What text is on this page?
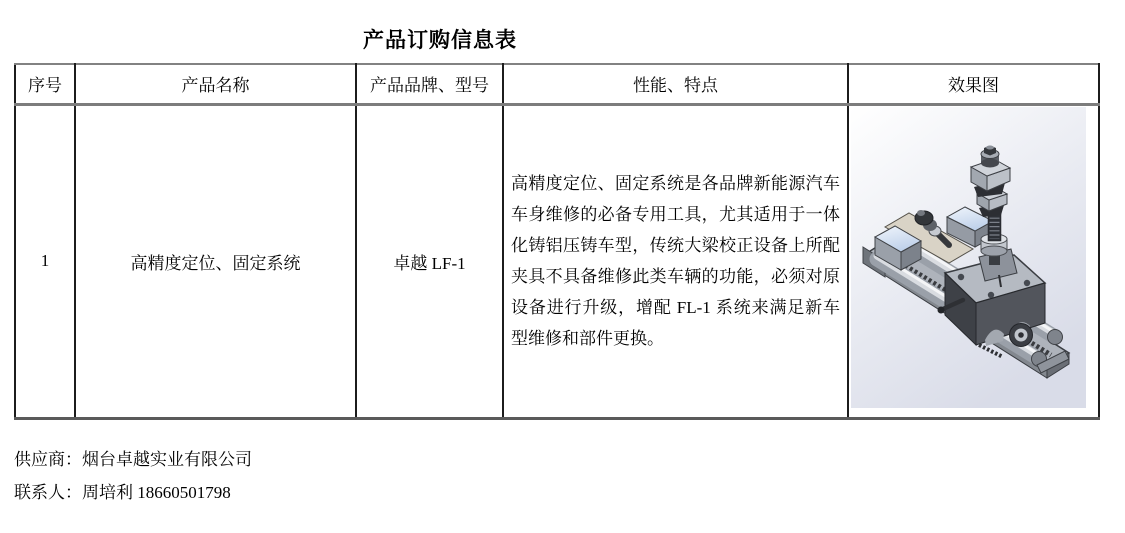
产品订购信息表
序号	产品名称	产品品牌、型号	性能、特点	效果图
1	高精度定位、固定系统	卓越 LF-1	高精度定位、固定系统是各品牌新能源汽车车身维修的必备专用工具，尤其适用于一体化铸铝压铸车型，传统大梁校正设备上所配夹具不具备维修此类车辆的功能，必须对原设备进行升级，增配 FL-1 系统来满足新车型维修和部件更换。	
供应商：烟台卓越实业有限公司
联系人：周培利 18660501798
